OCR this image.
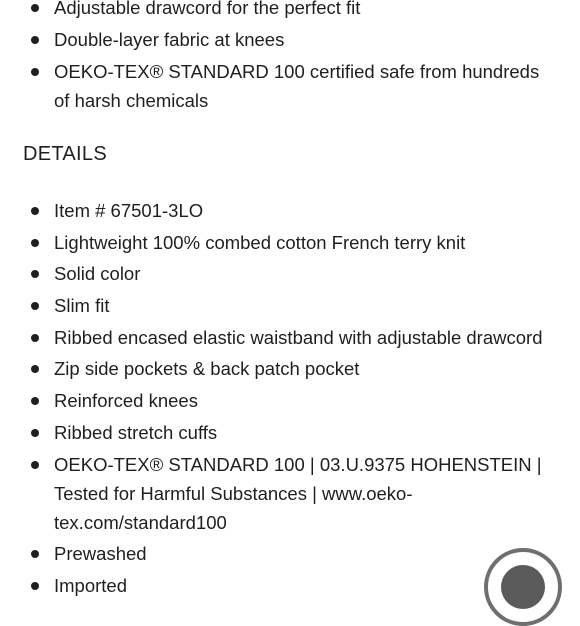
Adjustable drawcord for the perfect fit
Double-layer fabric at knees
OEKO-TEX® STANDARD 100 certified safe from hundreds of harsh chemicals
DETAILS
Item # 67501-3LO
Lightweight 100% combed cotton French terry knit
Solid color
Slim fit
Ribbed encased elastic waistband with adjustable drawcord
Zip side pockets & back patch pocket
Reinforced knees
Ribbed stretch cuffs
OEKO-TEX® STANDARD 100 | 03.U.9375 HOHENSTEIN | Tested for Harmful Substances | www.oeko-tex.com/standard100
Prewashed
Imported
